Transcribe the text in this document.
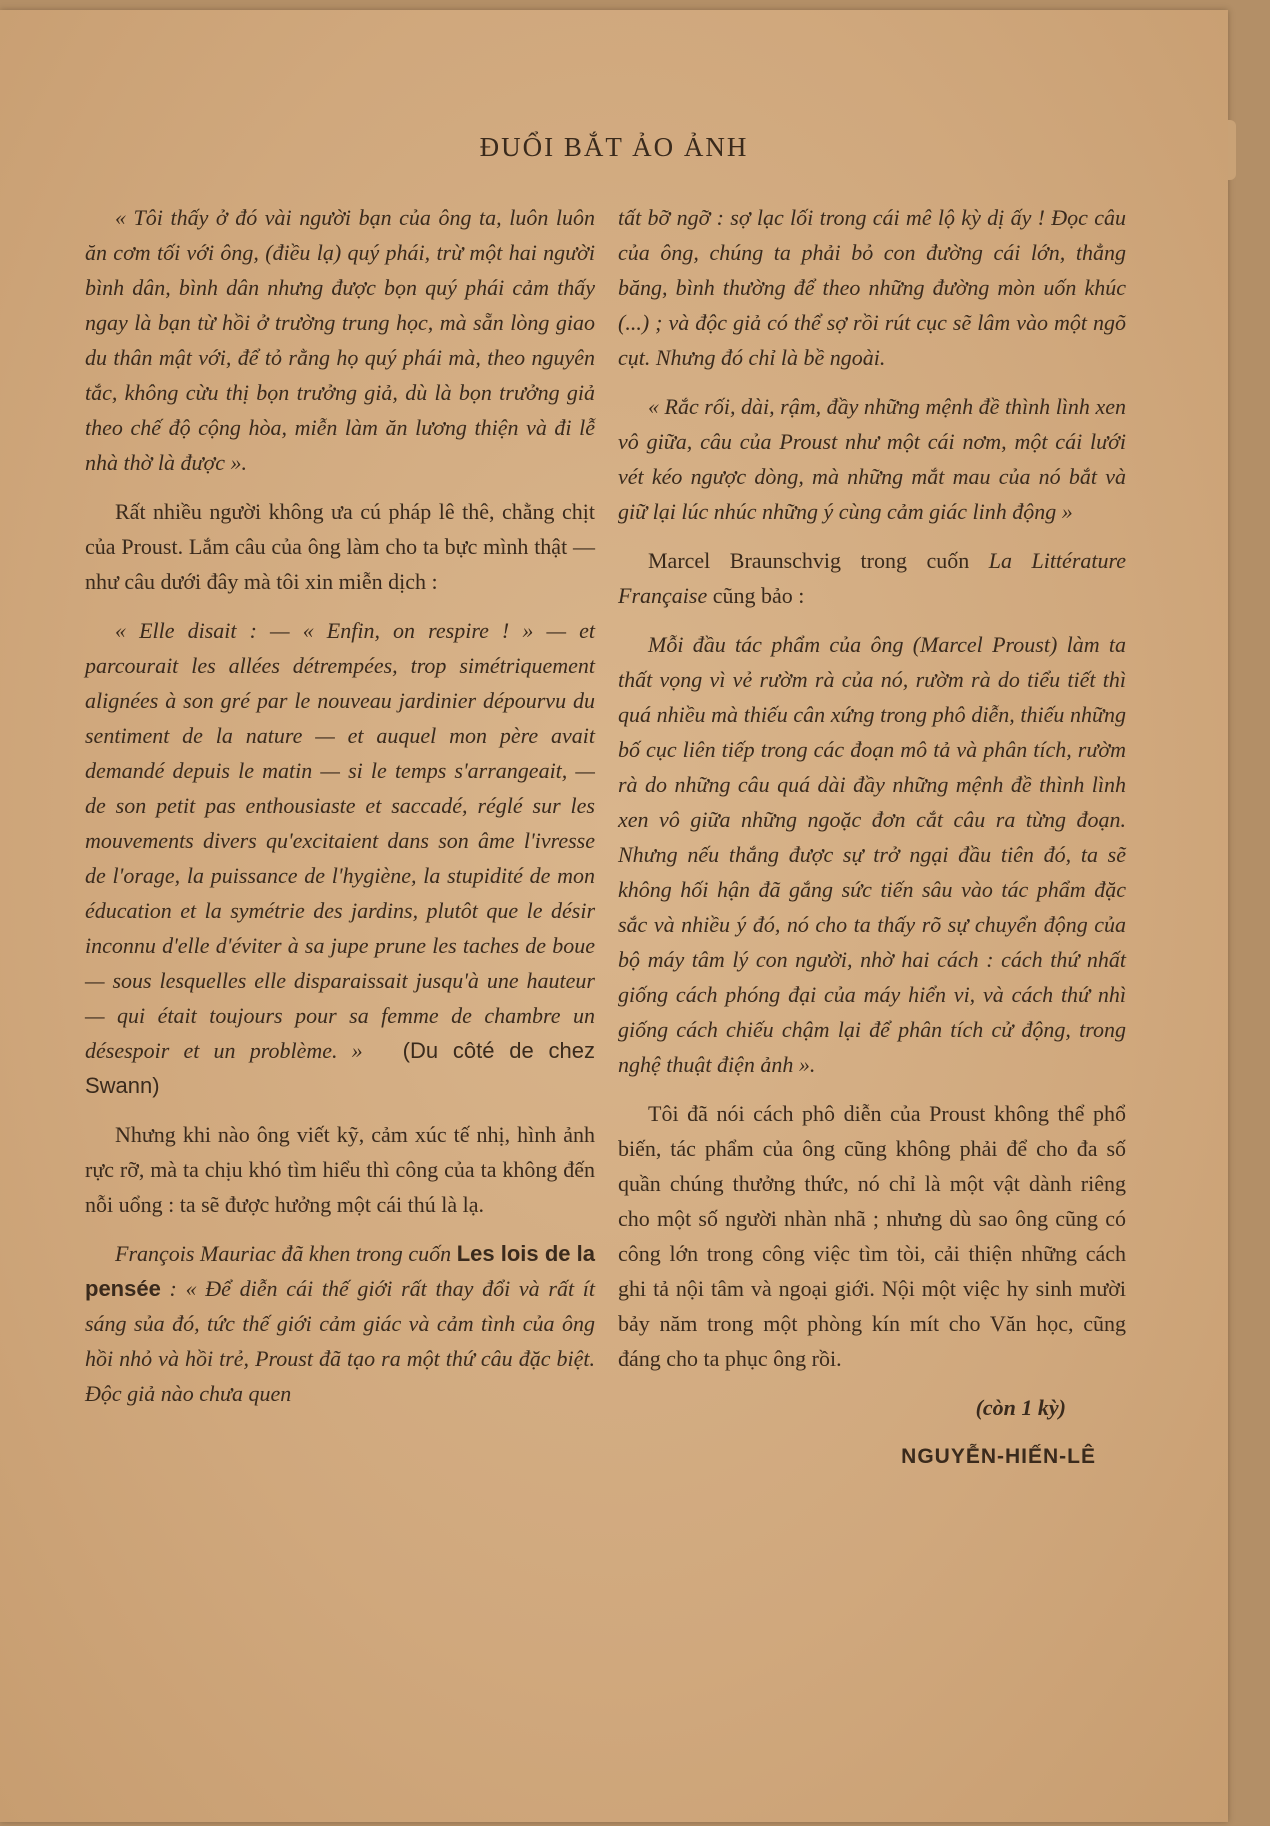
ĐUỔI BẮT ẢO ẢNH

« Tôi thấy ở đó vài người bạn của ông ta, luôn luôn ăn cơm tối với ông, (điều lạ) quý phái, trừ một hai người bình dân, bình dân nhưng được bọn quý phái cảm thấy ngay là bạn từ hồi ở trường trung học, mà sẵn lòng giao du thân mật với, để tỏ rằng họ quý phái mà, theo nguyên tắc, không cừu thị bọn trưởng giả, dù là bọn trưởng giả theo chế độ cộng hòa, miễn làm ăn lương thiện và đi lễ nhà thờ là được ».

Rất nhiều người không ưa cú pháp lê thê, chằng chịt của Proust. Lắm câu của ông làm cho ta bực mình thật — như câu dưới đây mà tôi xin miễn dịch :

« Elle disait : — « Enfin, on respire ! » — et parcourait les allées détrempées, trop simétriquement alignées à son gré par le nouveau jardinier dépourvu du sentiment de la nature — et auquel mon père avait demandé depuis le matin — si le temps s'arrangeait, — de son petit pas enthousiaste et saccadé, réglé sur les mouvements divers qu'excitaient dans son âme l'ivresse de l'orage, la puissance de l'hygiène, la stupidité de mon éducation et la symétrie des jardins, plutôt que le désir inconnu d'elle d'éviter à sa jupe prune les taches de boue — sous lesquelles elle disparaissait jusqu'à une hauteur — qui était toujours pour sa femme de chambre un désespoir et un problème. » (Du côté de chez Swann)

Nhưng khi nào ông viết kỹ, cảm xúc tế nhị, hình ảnh rực rỡ, mà ta chịu khó tìm hiểu thì công của ta không đến nỗi uổng : ta sẽ được hưởng một cái thú là lạ.

François Mauriac đã khen trong cuốn Les lois de la pensée : « Để diễn cái thế giới rất thay đổi và rất ít sáng sủa đó, tức thế giới cảm giác và cảm tình của ông hồi nhỏ và hồi trẻ, Proust đã tạo ra một thứ câu đặc biệt. Độc giả nào chưa quen

tất bỡ ngỡ : sợ lạc lối trong cái mê lộ kỳ dị ấy ! Đọc câu của ông, chúng ta phải bỏ con đường cái lớn, thẳng băng, bình thường để theo những đường mòn uốn khúc (...) ; và độc giả có thể sợ rồi rút cục sẽ lâm vào một ngõ cụt. Nhưng đó chỉ là bề ngoài.

« Rắc rối, dài, rậm, đầy những mệnh đề thình lình xen vô giữa, câu của Proust như một cái nơm, một cái lưới vét kéo ngược dòng, mà những mắt mau của nó bắt và giữ lại lúc nhúc những ý cùng cảm giác linh động »

Marcel Braunschvig trong cuốn La Littérature Française cũng bảo :

Mỗi đầu tác phẩm của ông (Marcel Proust) làm ta thất vọng vì vẻ rườm rà của nó, rườm rà do tiểu tiết thì quá nhiều mà thiếu cân xứng trong phô diễn, thiếu những bố cục liên tiếp trong các đoạn mô tả và phân tích, rườm rà do những câu quá dài đầy những mệnh đề thình lình xen vô giữa những ngoặc đơn cắt câu ra từng đoạn. Nhưng nếu thắng được sự trở ngại đầu tiên đó, ta sẽ không hối hận đã gắng sức tiến sâu vào tác phẩm đặc sắc và nhiều ý đó, nó cho ta thấy rõ sự chuyển động của bộ máy tâm lý con người, nhờ hai cách : cách thứ nhất giống cách phóng đại của máy hiển vi, và cách thứ nhì giống cách chiếu chậm lại để phân tích cử động, trong nghệ thuật điện ảnh ».

Tôi đã nói cách phô diễn của Proust không thể phổ biến, tác phẩm của ông cũng không phải để cho đa số quần chúng thưởng thức, nó chỉ là một vật dành riêng cho một số người nhàn nhã ; nhưng dù sao ông cũng có công lớn trong công việc tìm tòi, cải thiện những cách ghi tả nội tâm và ngoại giới. Nội một việc hy sinh mười bảy năm trong một phòng kín mít cho Văn học, cũng đáng cho ta phục ông rồi.

(còn 1 kỳ)

NGUYỄN-HIẾN-LÊ
